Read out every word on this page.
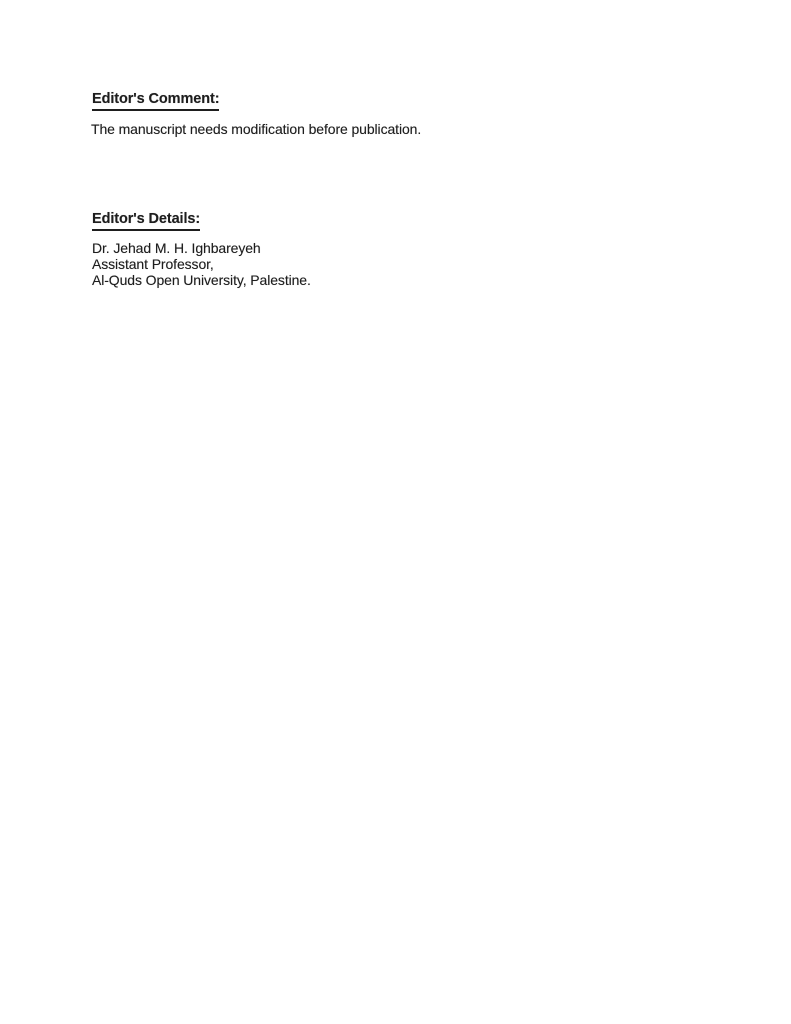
Editor's Comment:

The manuscript needs modification before publication.

Editor's Details:
Dr. Jehad M. H. Ighbareyeh
Assistant Professor,
Al-Quds Open University, Palestine.
